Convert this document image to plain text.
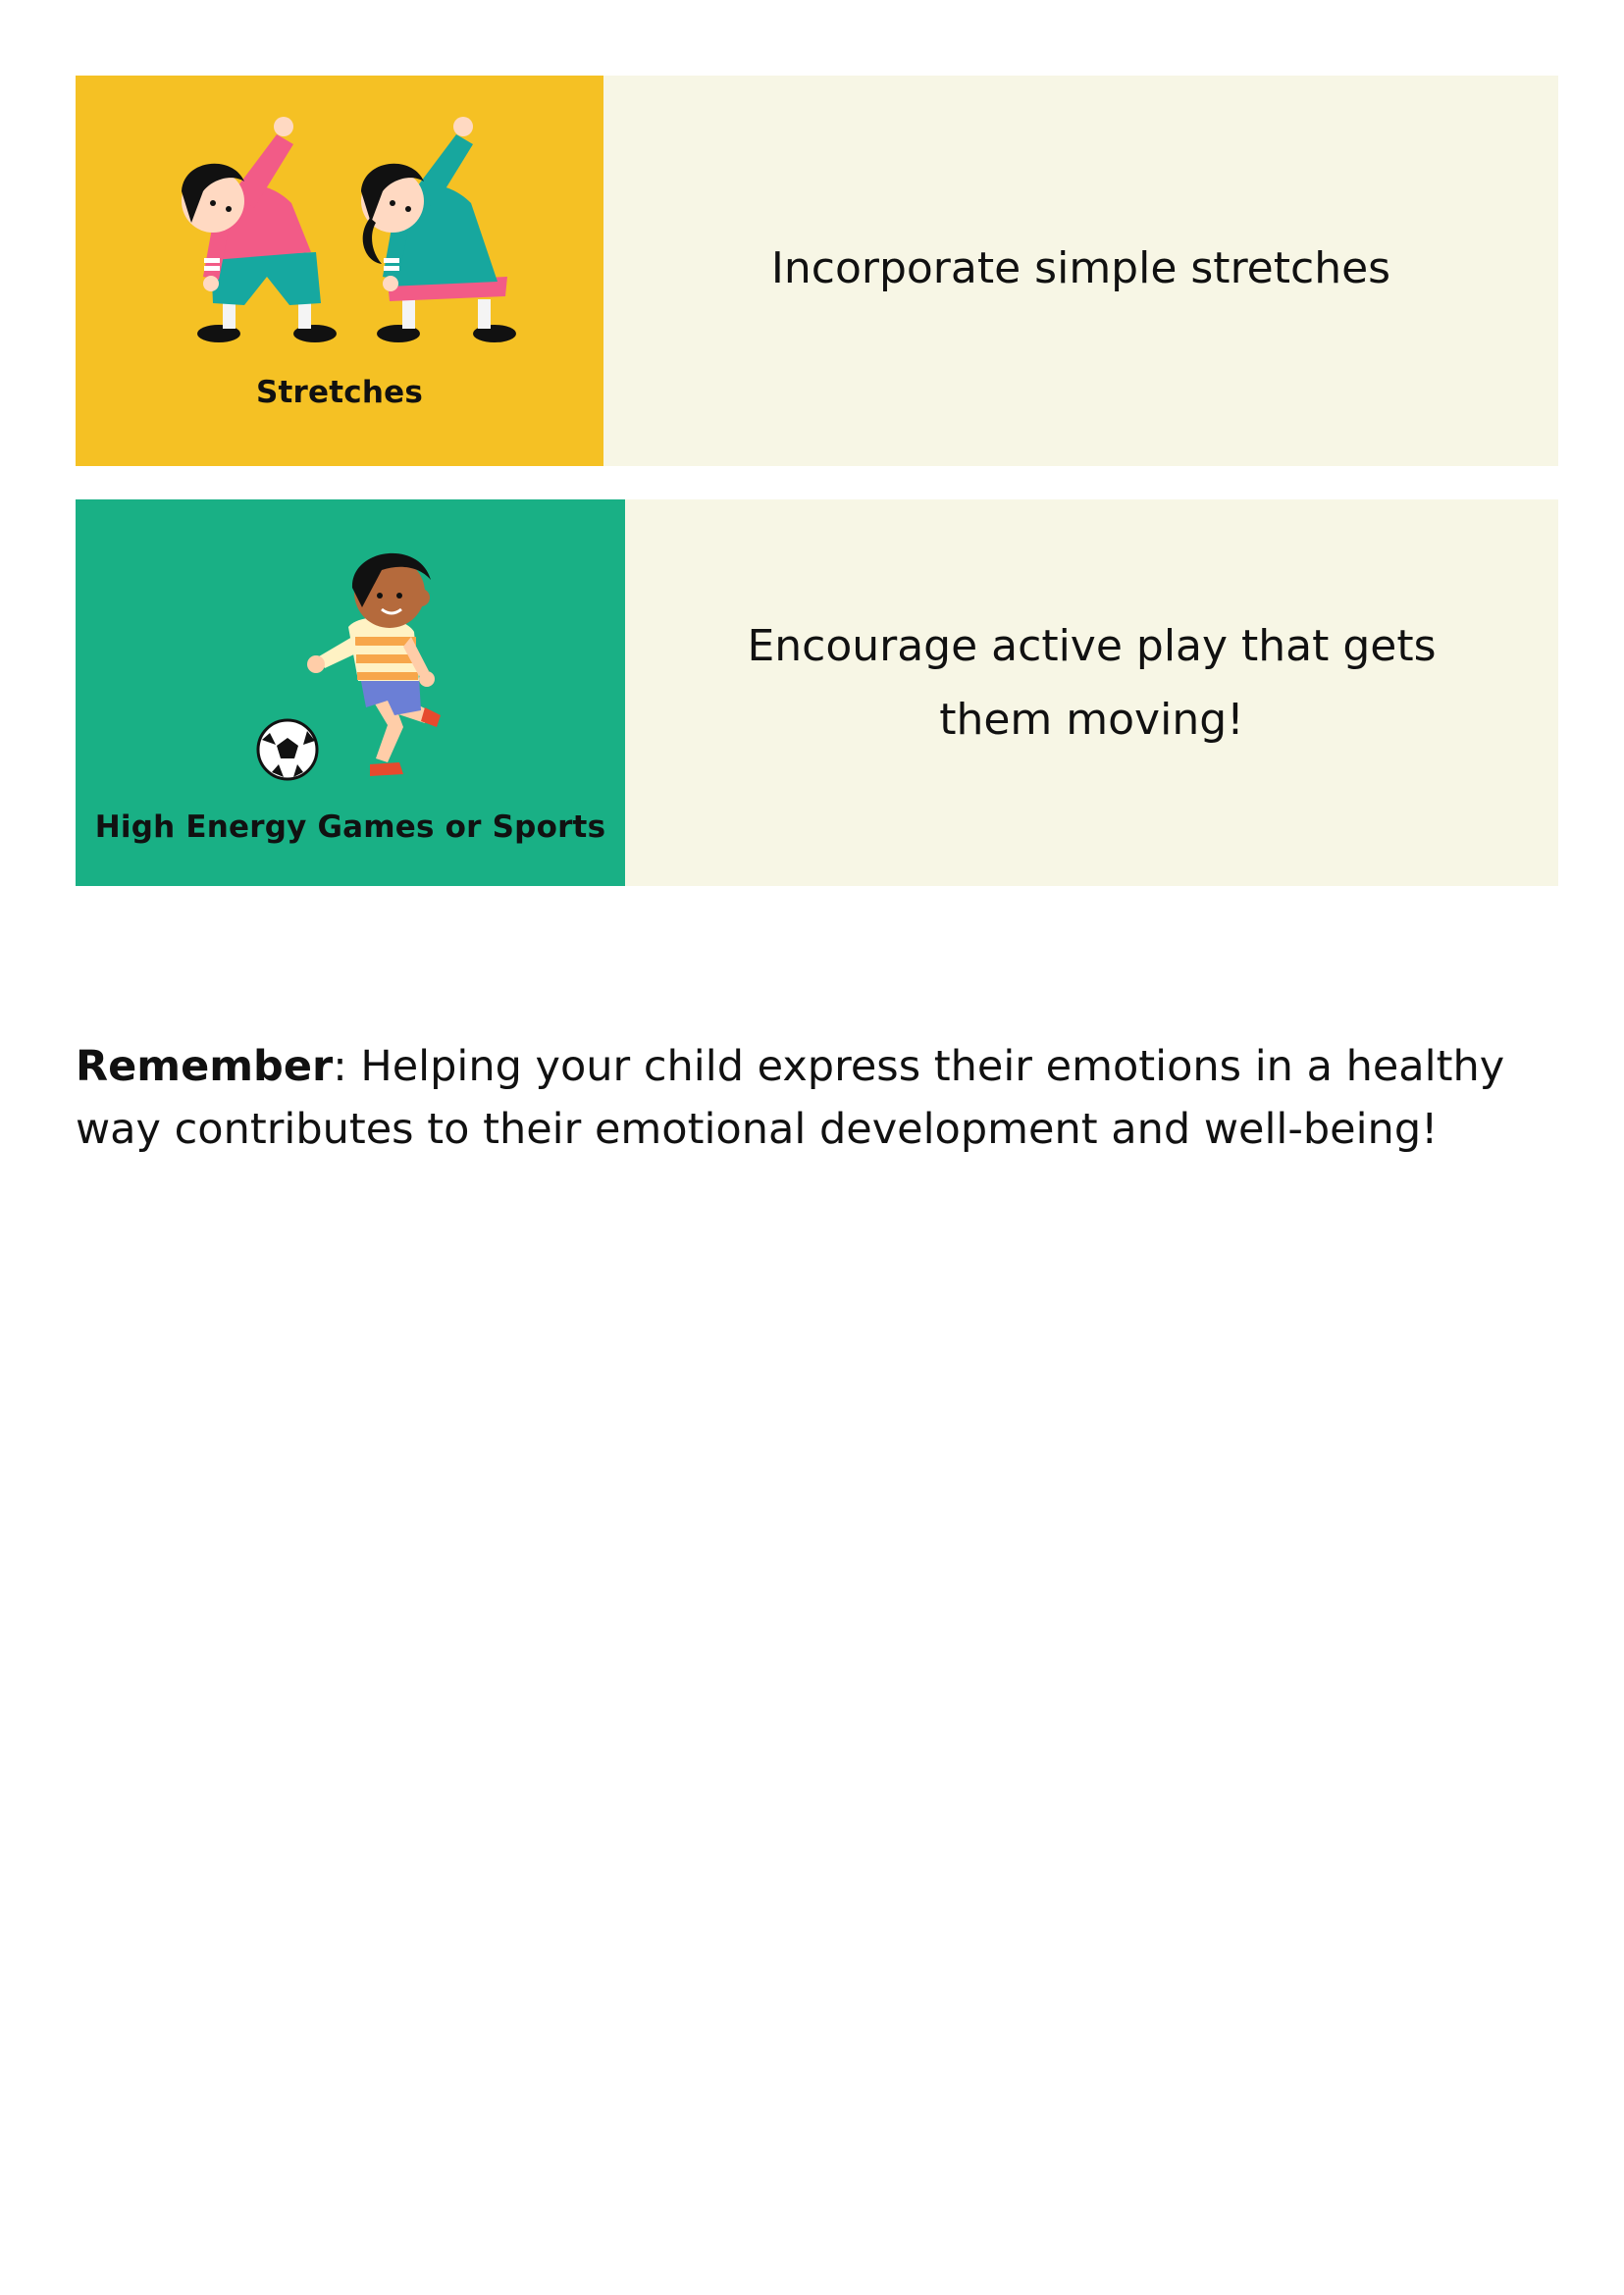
Stretches
Incorporate simple stretches
High Energy Games or Sports
Encourage active play that gets them moving!

Remember: Helping your child express their emotions in a healthy way contributes to their emotional development and well-being!
